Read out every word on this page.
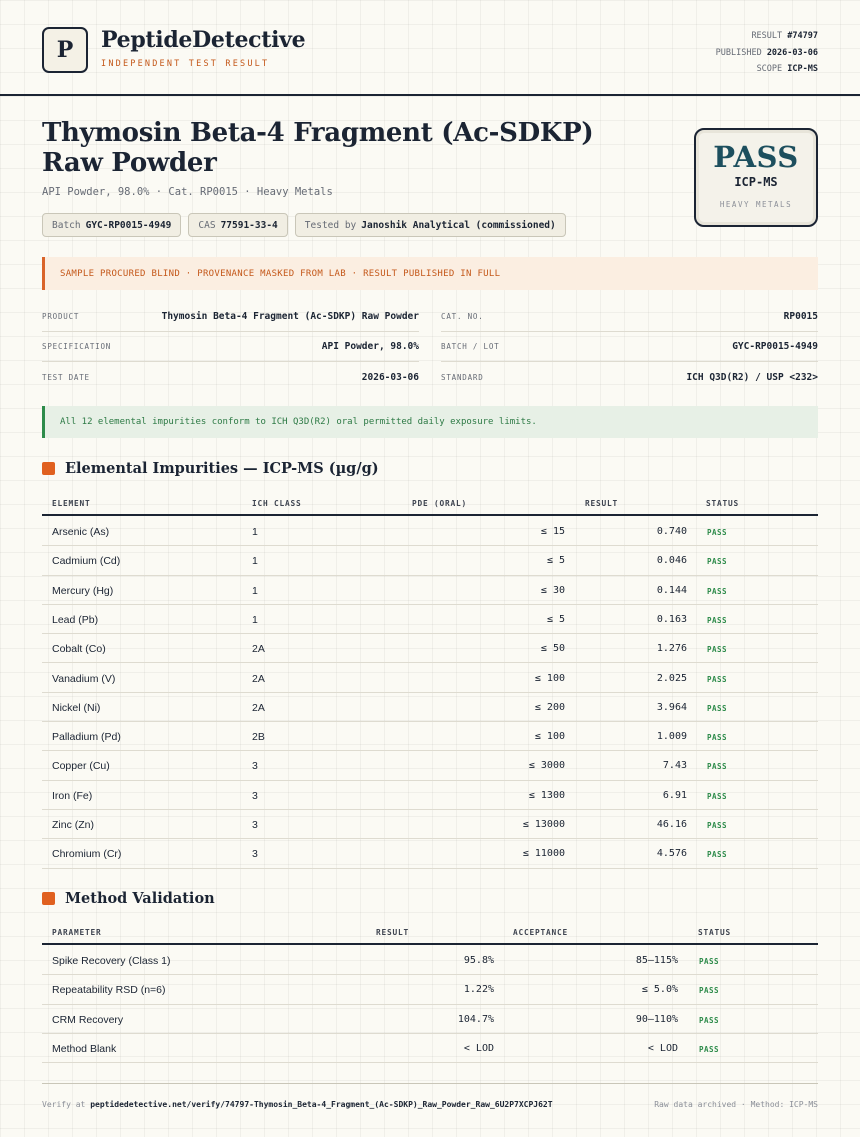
P PeptideDetective
INDEPENDENT TEST RESULT
RESULT #74797
PUBLISHED 2026-03-06
SCOPE ICP-MS
Thymosin Beta-4 Fragment (Ac-SDKP) Raw Powder
API Powder, 98.0% · Cat. RP0015 · Heavy Metals
Batch GYC-RP0015-4949	CAS 77591-33-4	Tested by Janoshik Analytical (commissioned)
PASS
ICP-MS
HEAVY METALS
SAMPLE PROCURED BLIND · PROVENANCE MASKED FROM LAB · RESULT PUBLISHED IN FULL
PRODUCT	Thymosin Beta-4 Fragment (Ac-SDKP) Raw Powder
SPECIFICATION	API Powder, 98.0%
TEST DATE	2026-03-06
CAT. NO.	RP0015
BATCH / LOT	GYC-RP0015-4949
STANDARD	ICH Q3D(R2) / USP <232>
All 12 elemental impurities conform to ICH Q3D(R2) oral permitted daily exposure limits.
Elemental Impurities — ICP-MS (µg/g)
ELEMENT	ICH CLASS	PDE (ORAL)	RESULT	STATUS
Arsenic (As)	1	≤ 15	0.740	PASS
Cadmium (Cd)	1	≤ 5	0.046	PASS
Mercury (Hg)	1	≤ 30	0.144	PASS
Lead (Pb)	1	≤ 5	0.163	PASS
Cobalt (Co)	2A	≤ 50	1.276	PASS
Vanadium (V)	2A	≤ 100	2.025	PASS
Nickel (Ni)	2A	≤ 200	3.964	PASS
Palladium (Pd)	2B	≤ 100	1.009	PASS
Copper (Cu)	3	≤ 3000	7.43	PASS
Iron (Fe)	3	≤ 1300	6.91	PASS
Zinc (Zn)	3	≤ 13000	46.16	PASS
Chromium (Cr)	3	≤ 11000	4.576	PASS
Method Validation
PARAMETER	RESULT	ACCEPTANCE	STATUS
Spike Recovery (Class 1)	95.8%	85–115%	PASS
Repeatability RSD (n=6)	1.22%	≤ 5.0%	PASS
CRM Recovery	104.7%	90–110%	PASS
Method Blank	< LOD	< LOD	PASS
Verify at peptidedetective.net/verify/74797-Thymosin_Beta-4_Fragment_(Ac-SDKP)_Raw_Powder_Raw_6U2P7XCPJ62T	Raw data archived · Method: ICP-MS
